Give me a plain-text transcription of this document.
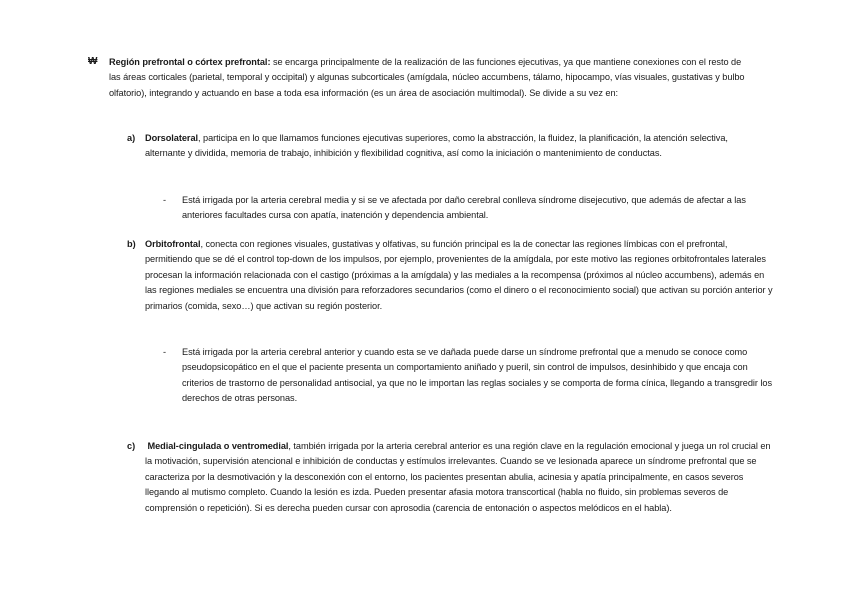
₩ Región prefrontal o córtex prefrontal: se encarga principalmente de la realización de las funciones ejecutivas, ya que mantiene conexiones con el resto de las áreas corticales (parietal, temporal y occipital) y algunas subcorticales (amígdala, núcleo accumbens, tálamo, hipocampo, vías visuales, gustativas y bulbo olfatorio), integrando y actuando en base a toda esa información (es un área de asociación multimodal). Se divide a su vez en:

a) Dorsolateral, participa en lo que llamamos funciones ejecutivas superiores, como la abstracción, la fluidez, la planificación, la atención selectiva, alternante y dividida, memoria de trabajo, inhibición y flexibilidad cognitiva, así como la iniciación o mantenimiento de conductas.

- Está irrigada por la arteria cerebral media y si se ve afectada por daño cerebral conlleva síndrome disejecutivo, que además de afectar a las anteriores facultades cursa con apatía, inatención y dependencia ambiental.

b) Orbitofrontal, conecta con regiones visuales, gustativas y olfativas, su función principal es la de conectar las regiones límbicas con el prefrontal, permitiendo que se dé el control top-down de los impulsos, por ejemplo, provenientes de la amígdala, por este motivo las regiones orbitofrontales laterales procesan la información relacionada con el castigo (próximas a la amígdala) y las mediales a la recompensa (próximos al núcleo accumbens), además en las regiones mediales se encuentra una división para reforzadores secundarios (como el dinero o el reconocimiento social) que activan su porción anterior y primarios (comida, sexo…) que activan su región posterior.

- Está irrigada por la arteria cerebral anterior y cuando esta se ve dañada puede darse un síndrome prefrontal que a menudo se conoce como pseudopsicopático en el que el paciente presenta un comportamiento aniñado y pueril, sin control de impulsos, desinhibido y que encaja con criterios de trastorno de personalidad antisocial, ya que no le importan las reglas sociales y se comporta de forma cínica, llegando a transgredir los derechos de otras personas.

c) Medial-cingulada o ventromedial, también irrigada por la arteria cerebral anterior es una región clave en la regulación emocional y juega un rol crucial en la motivación, supervisión atencional e inhibición de conductas y estímulos irrelevantes. Cuando se ve lesionada aparece un síndrome prefrontal que se caracteriza por la desmotivación y la desconexión con el entorno, los pacientes presentan abulia, acinesia y apatía principalmente, en casos severos llegando al mutismo completo. Cuando la lesión es izda. Pueden presentar afasia motora transcortical (habla no fluido, sin problemas severos de comprensión o repetición). Si es derecha pueden cursar con aprosodia (carencia de entonación o aspectos melódicos en el habla).
